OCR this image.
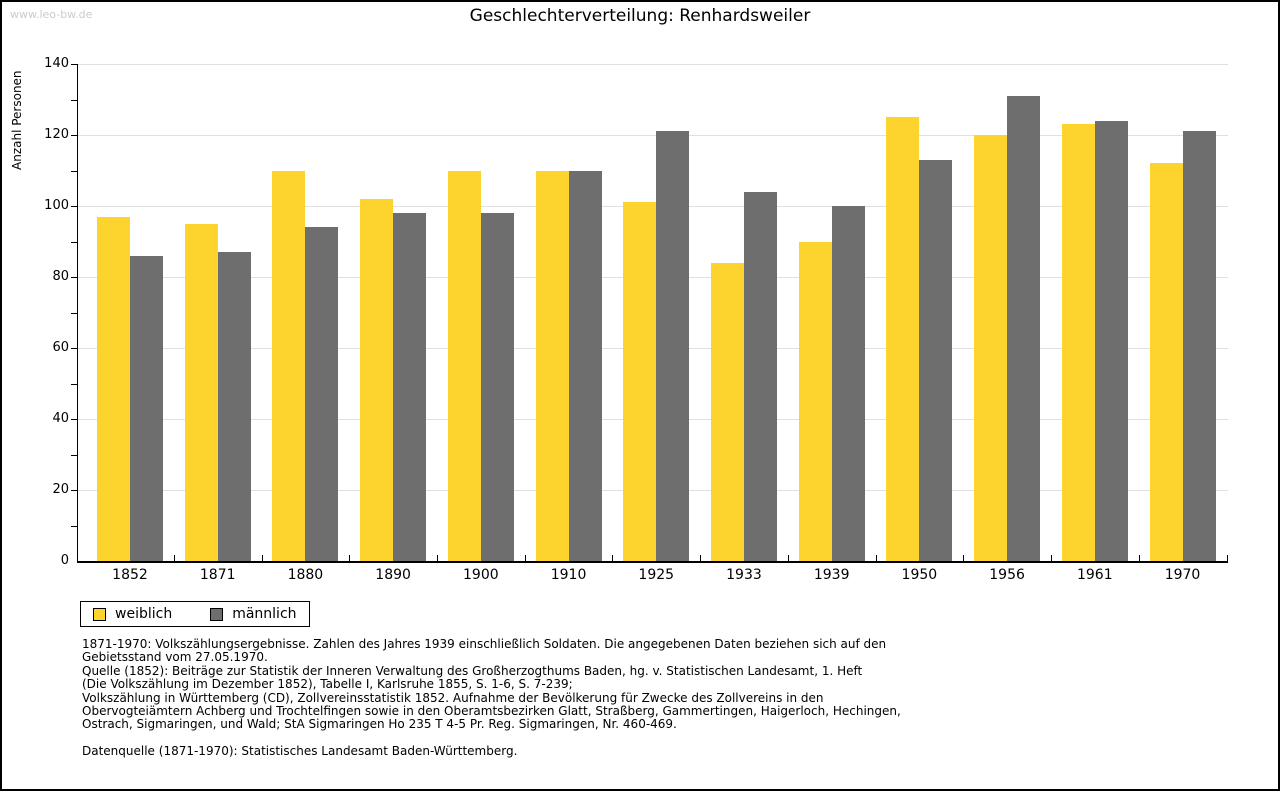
www.leo-bw.de	Geschlechterverteilung: Renhardsweiler
Anzahl Personen
1852	1871	1880	1890	1900	1910	1925	1933	1939	1950	1956	1961	1970
weiblich	männlich
1871-1970: Volkszählungsergebnisse. Zahlen des Jahres 1939 einschließlich Soldaten. Die angegebenen Daten beziehen sich auf den
Gebietsstand vom 27.05.1970.
Quelle (1852): Beiträge zur Statistik der Inneren Verwaltung des Großherzogthums Baden, hg. v. Statistischen Landesamt, 1. Heft
(Die Volkszählung im Dezember 1852), Tabelle I, Karlsruhe 1855, S. 1-6, S. 7-239;
Volkszählung in Württemberg (CD), Zollvereinsstatistik 1852. Aufnahme der Bevölkerung für Zwecke des Zollvereins in den
Obervogteiämtern Achberg und Trochtelfingen sowie in den Oberamtsbezirken Glatt, Straßberg, Gammertingen, Haigerloch, Hechingen,
Ostrach, Sigmaringen, und Wald; StA Sigmaringen Ho 235 T 4-5 Pr. Reg. Sigmaringen, Nr. 460-469.
Datenquelle (1871-1970): Statistisches Landesamt Baden-Württemberg.
0
20
40
60
80
100
120
140
